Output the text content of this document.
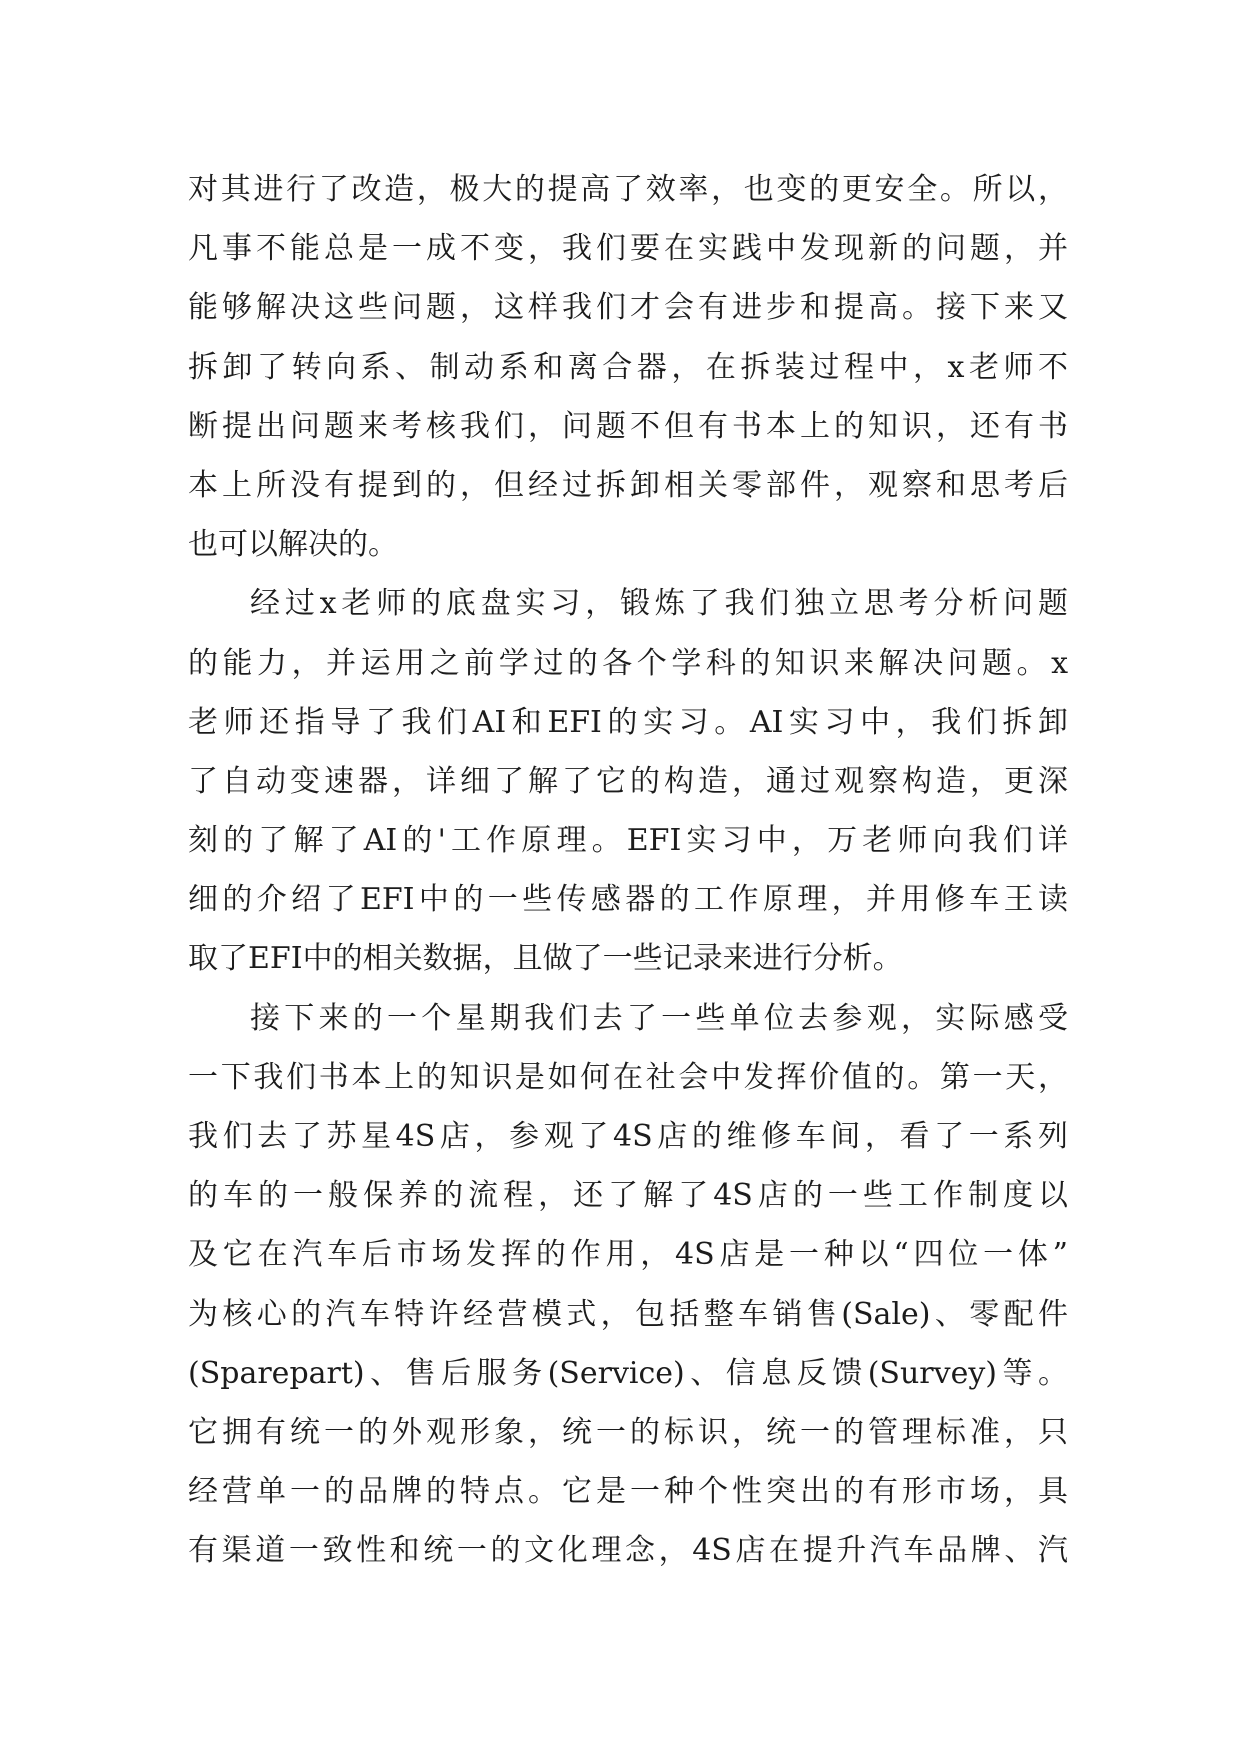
对其进行了改造，极大的提高了效率，也变的更安全。所以，
凡事不能总是一成不变，我们要在实践中发现新的问题，并
能够解决这些问题，这样我们才会有进步和提高。接下来又
拆卸了转向系、制动系和离合器，在拆装过程中，x老师不
断提出问题来考核我们，问题不但有书本上的知识，还有书
本上所没有提到的，但经过拆卸相关零部件，观察和思考后
也可以解决的。
经过x老师的底盘实习，锻炼了我们独立思考分析问题
的能力，并运用之前学过的各个学科的知识来解决问题。x
老师还指导了我们AI和EFI的实习。AI实习中，我们拆卸
了自动变速器，详细了解了它的构造，通过观察构造，更深
刻的了解了AI的'工作原理。EFI实习中，万老师向我们详
细的介绍了EFI中的一些传感器的工作原理，并用修车王读
取了EFI中的相关数据，且做了一些记录来进行分析。
接下来的一个星期我们去了一些单位去参观，实际感受
一下我们书本上的知识是如何在社会中发挥价值的。第一天，
我们去了苏星4S店，参观了4S店的维修车间，看了一系列
的车的一般保养的流程，还了解了4S店的一些工作制度以
及它在汽车后市场发挥的作用，4S店是一种以“四位一体”
为核心的汽车特许经营模式，包括整车销售(Sale)、零配件
(Sparepart)、售后服务(Service)、信息反馈(Survey)等。
它拥有统一的外观形象，统一的标识，统一的管理标准，只
经营单一的品牌的特点。它是一种个性突出的有形市场，具
有渠道一致性和统一的文化理念，4S店在提升汽车品牌、汽
